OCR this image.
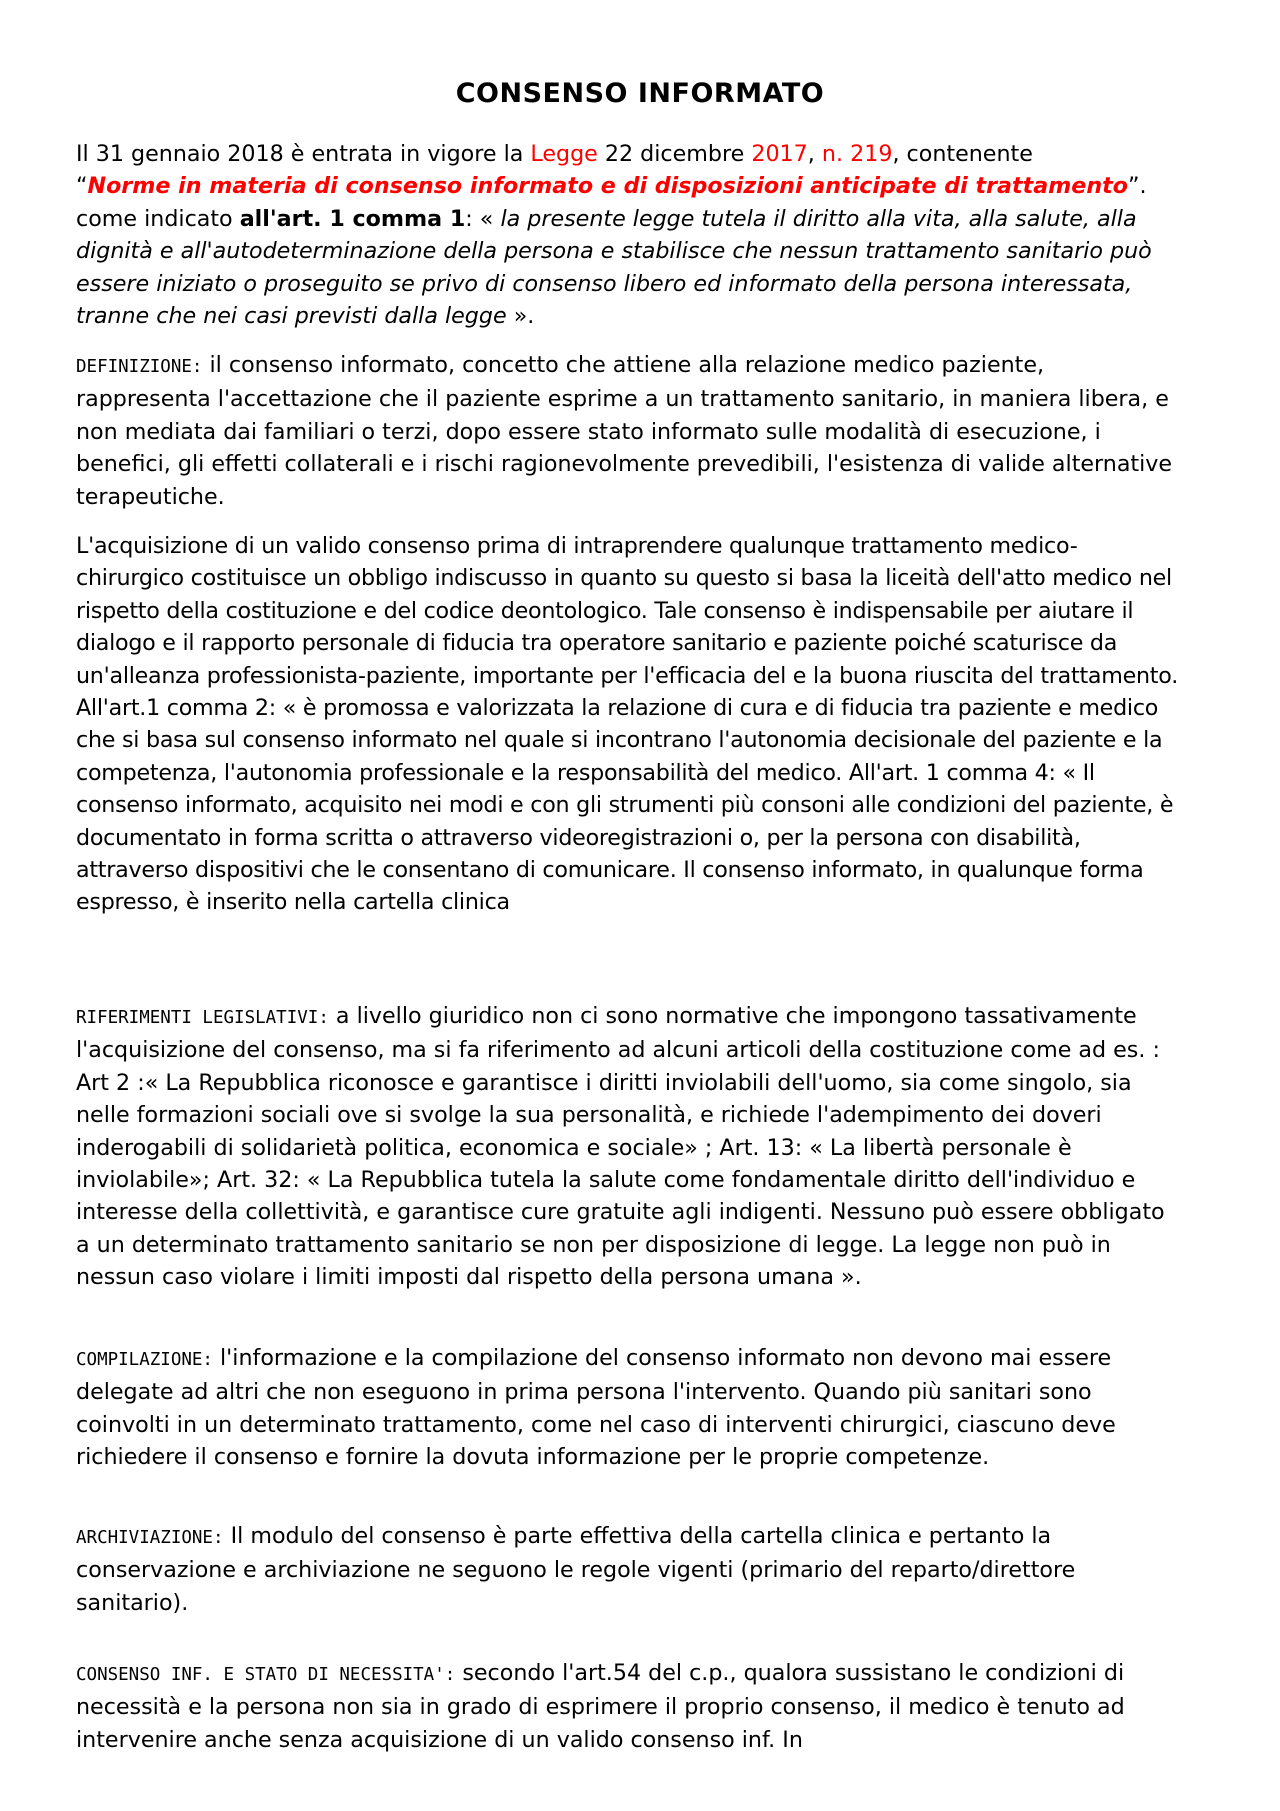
CONSENSO INFORMATO

Il 31 gennaio 2018 è entrata in vigore la Legge 22 dicembre 2017, n. 219, contenente
“Norme in materia di consenso informato e di disposizioni anticipate di trattamento”.
come indicato all'art. 1 comma 1: « la presente legge tutela il diritto alla vita, alla salute, alla dignità e all'autodeterminazione della persona e stabilisce che nessun trattamento sanitario può essere iniziato o proseguito se privo di consenso libero ed informato della persona interessata, tranne che nei casi previsti dalla legge ».

DEFINIZIONE: il consenso informato, concetto che attiene alla relazione medico paziente, rappresenta l'accettazione che il paziente esprime a un trattamento sanitario, in maniera libera, e non mediata dai familiari o terzi, dopo essere stato informato sulle modalità di esecuzione, i benefici, gli effetti collaterali e i rischi ragionevolmente prevedibili, l'esistenza di valide alternative terapeutiche.

L'acquisizione di un valido consenso prima di intraprendere qualunque trattamento medico-chirurgico costituisce un obbligo indiscusso in quanto su questo si basa la liceità dell'atto medico nel rispetto della costituzione e del codice deontologico. Tale consenso è indispensabile per aiutare il dialogo e il rapporto personale di fiducia tra operatore sanitario e paziente poiché scaturisce da un'alleanza professionista-paziente, importante per l'efficacia del e la buona riuscita del trattamento. All'art.1 comma 2: « è promossa e valorizzata la relazione di cura e di fiducia tra paziente e medico che si basa sul consenso informato nel quale si incontrano l'autonomia decisionale del paziente e la competenza, l'autonomia professionale e la responsabilità del medico. All'art. 1 comma 4: « Il consenso informato, acquisito nei modi e con gli strumenti più consoni alle condizioni del paziente, è documentato in forma scritta o attraverso videoregistrazioni o, per la persona con disabilità, attraverso dispositivi che le consentano di comunicare. Il consenso informato, in qualunque forma espresso, è inserito nella cartella clinica

RIFERIMENTI LEGISLATIVI: a livello giuridico non ci sono normative che impongono tassativamente l'acquisizione del consenso, ma si fa riferimento ad alcuni articoli della costituzione come ad es. : Art 2 :« La Repubblica riconosce e garantisce i diritti inviolabili dell'uomo, sia come singolo, sia nelle formazioni sociali ove si svolge la sua personalità, e richiede l'adempimento dei doveri inderogabili di solidarietà politica, economica e sociale» ; Art. 13: « La libertà personale è inviolabile»; Art. 32: « La Repubblica tutela la salute come fondamentale diritto dell'individuo e interesse della collettività, e garantisce cure gratuite agli indigenti. Nessuno può essere obbligato a un determinato trattamento sanitario se non per disposizione di legge. La legge non può in nessun caso violare i limiti imposti dal rispetto della persona umana ».

COMPILAZIONE: l'informazione e la compilazione del consenso informato non devono mai essere delegate ad altri che non eseguono in prima persona l'intervento. Quando più sanitari sono coinvolti in un determinato trattamento, come nel caso di interventi chirurgici, ciascuno deve richiedere il consenso e fornire la dovuta informazione per le proprie competenze.

ARCHIVIAZIONE: Il modulo del consenso è parte effettiva della cartella clinica e pertanto la conservazione e archiviazione ne seguono le regole vigenti (primario del reparto/direttore sanitario).

CONSENSO INF. E STATO DI NECESSITA': secondo l'art.54 del c.p., qualora sussistano le condizioni di necessità e la persona non sia in grado di esprimere il proprio consenso, il medico è tenuto ad intervenire anche senza acquisizione di un valido consenso inf. In
